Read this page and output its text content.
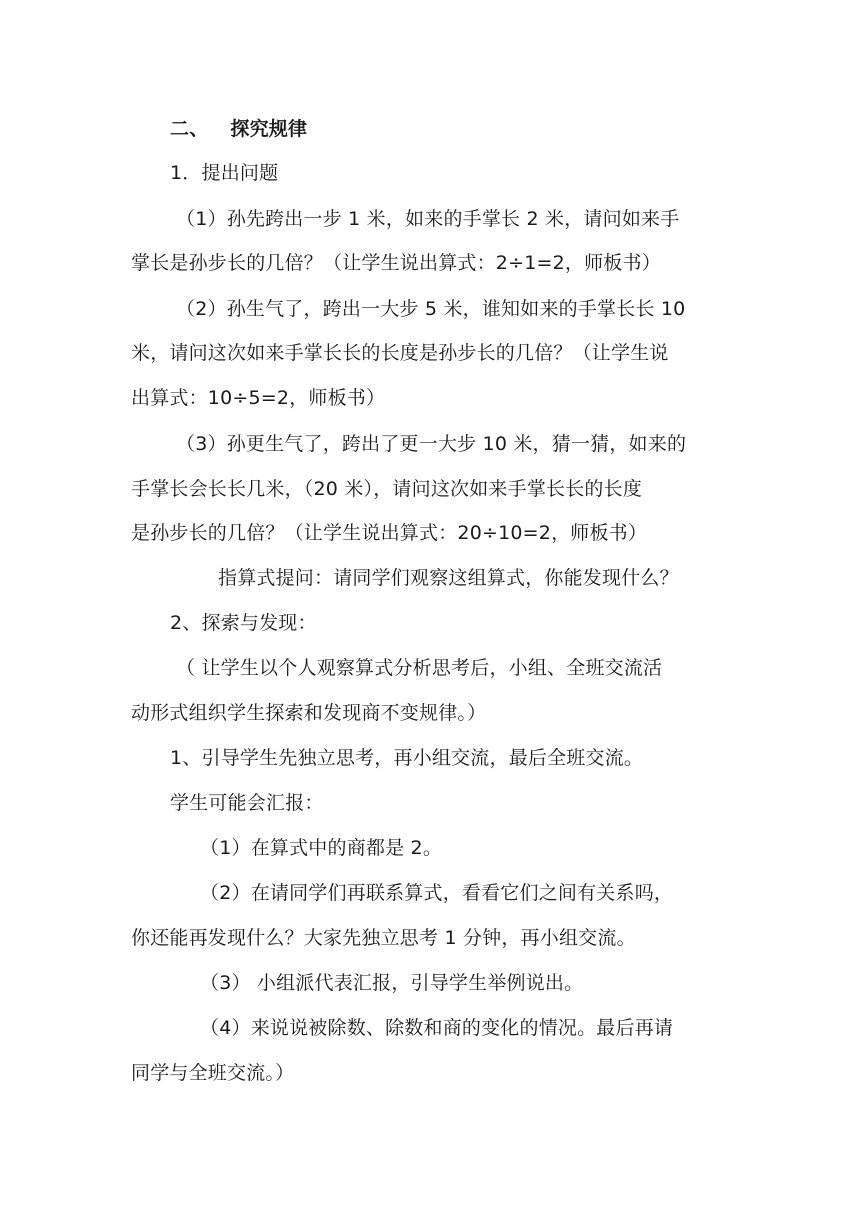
二、 探究规律
1．提出问题
（1）孙先跨出一步 1 米，如来的手掌长 2 米，请问如来手
掌长是孙步长的几倍？（让学生说出算式：2÷1=2，师板书）
（2）孙生气了，跨出一大步 5 米，谁知如来的手掌长长 10
米，请问这次如来手掌长长的长度是孙步长的几倍？（让学生说
出算式：10÷5=2，师板书）
（3）孙更生气了，跨出了更一大步 10 米，猜一猜，如来的
手掌长会长长几米，（20 米），请问这次如来手掌长长的长度
是孙步长的几倍？（让学生说出算式：20÷10=2，师板书）
指算式提问：请同学们观察这组算式，你能发现什么？
2、探索与发现：
（ 让学生以个人观察算式分析思考后，小组、全班交流活
动形式组织学生探索和发现商不变规律。）
1、引导学生先独立思考，再小组交流，最后全班交流。
学生可能会汇报：
（1）在算式中的商都是 2。
（2）在请同学们再联系算式，看看它们之间有关系吗，
你还能再发现什么？大家先独立思考 1 分钟，再小组交流。
（3） 小组派代表汇报，引导学生举例说出。
（4）来说说被除数、除数和商的变化的情况。最后再请
同学与全班交流。）
